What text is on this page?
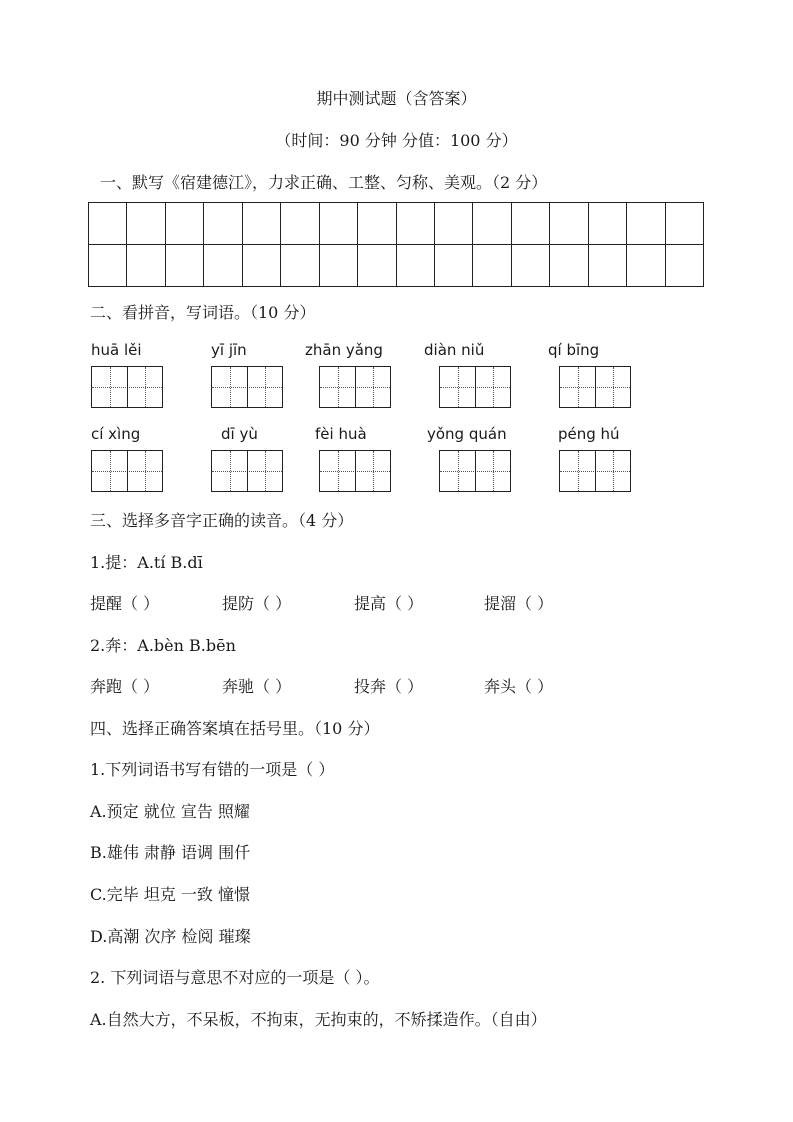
期中测试题（含答案）
（时间：90 分钟 分值：100 分）
一、默写《宿建德江》，力求正确、工整、匀称、美观。（2 分）

二、看拼音，写词语。（10 分）
huā lěi	yī jīn	zhān yǎng	diàn niǔ	qí bīng
cí xìng	dī yù	fèi huà	yǒng quán	péng hú
三、选择多音字正确的读音。（4 分）
1.提：A.tí B.dī
提醒（ ）	提防（ ）	提高（ ）	提溜（ ）
2.奔：A.bèn B.bēn
奔跑（ ）	奔驰（ ）	投奔（ ）	奔头（ ）
四、选择正确答案填在括号里。（10 分）
1.下列词语书写有错的一项是（ ）
A.预定 就位 宣告 照耀
B.雄伟 肃静 语调 围仟
C.完毕 坦克 一致 憧憬
D.高潮 次序 检阅 璀璨
2. 下列词语与意思不对应的一项是（ ）。
A.自然大方，不呆板，不拘束，无拘束的，不矫揉造作。（自由）
